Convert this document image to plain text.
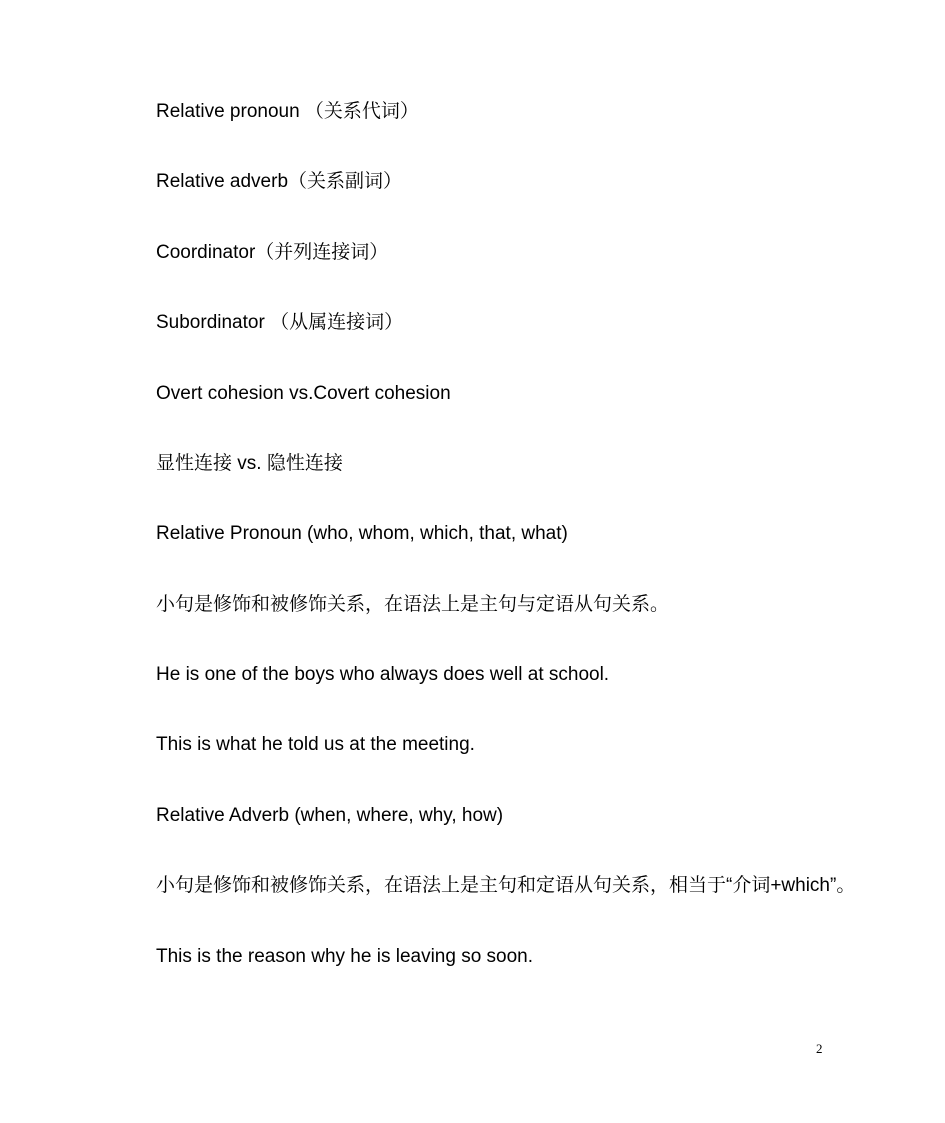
Relative pronoun （关系代词）
Relative adverb（关系副词）
Coordinator（并列连接词）
Subordinator （从属连接词）
Overt cohesion vs.Covert cohesion
显性连接 vs. 隐性连接
Relative Pronoun (who, whom, which, that, what)
小句是修饰和被修饰关系，在语法上是主句与定语从句关系。
He is one of the boys who always does well at school.
This is what he told us at the meeting.
Relative Adverb (when, where, why, how)
小句是修饰和被修饰关系，在语法上是主句和定语从句关系，相当于“介词+which”。
This is the reason why he is leaving so soon.
2
